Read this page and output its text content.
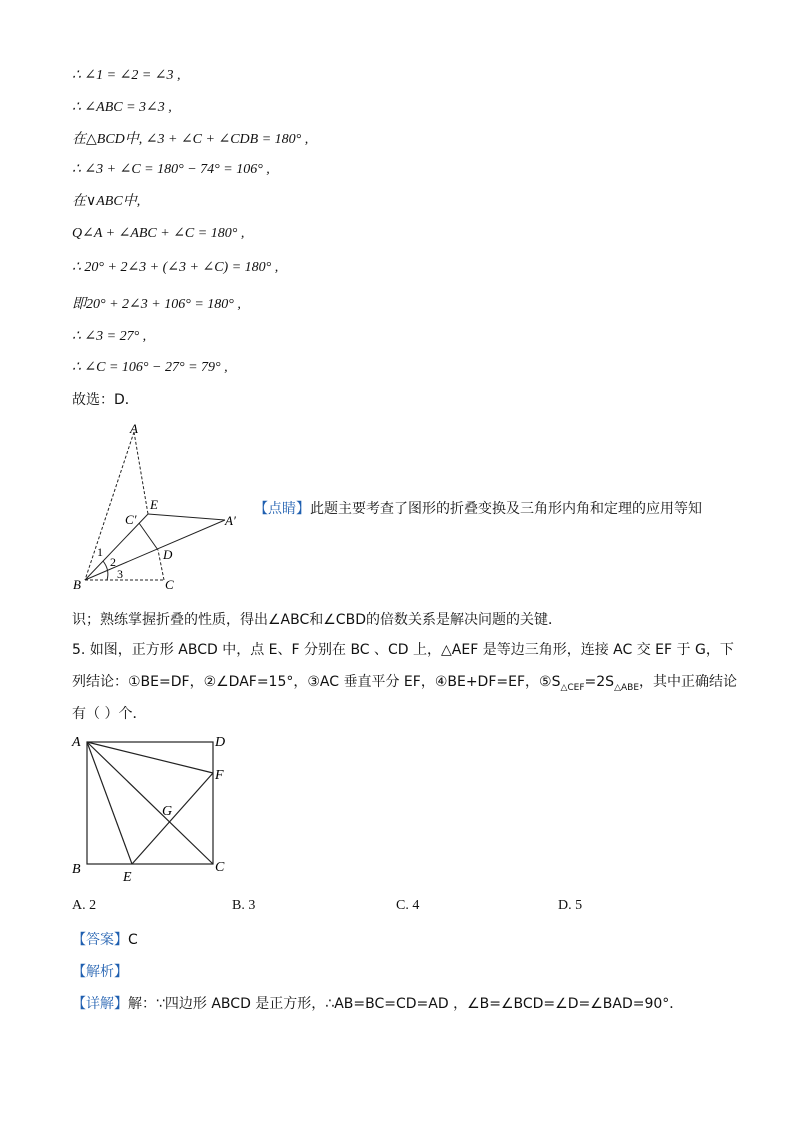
∴ ∠1 = ∠2 = ∠3 ,
∴ ∠ABC = 3∠3 ,
在△BCD中, ∠3 + ∠C + ∠CDB = 180° ,
∴ ∠3 + ∠C = 180° − 74° = 106° ,
在∨ABC中,
Q∠A + ∠ABC + ∠C = 180° ,
∴ 20° + 2∠3 + (∠3 + ∠C) = 180° ,
即20° + 2∠3 + 106° = 180° ,
∴ ∠3 = 27° ,
∴ ∠C = 106° − 27° = 79° ,
故选：D．
A
E
C′	A′
D
1
2
3
B	C
【点睛】此题主要考查了图形的折叠变换及三角形内角和定理的应用等知
识；熟练掌握折叠的性质，得出∠ABC和∠CBD的倍数关系是解决问题的关键．
5. 如图，正方形 ABCD 中，点 E、F 分别在 BC 、CD 上，△AEF 是等边三角形，连接 AC 交 EF 于 G，下
列结论：①BE=DF，②∠DAF=15°，③AC 垂直平分 EF，④BE+DF=EF，$⑤S_{\triangle CEF}=2S_{\triangle ABE}$，其中正确结论
有（ ）个．
A	D
F
G
B
E
C
A. 2	B. 3	C. 4	D. 5
【答案】C
【解析】
【详解】解：∵四边形 ABCD 是正方形，∴AB=BC=CD=AD ，∠B=∠BCD=∠D=∠BAD=90°．
